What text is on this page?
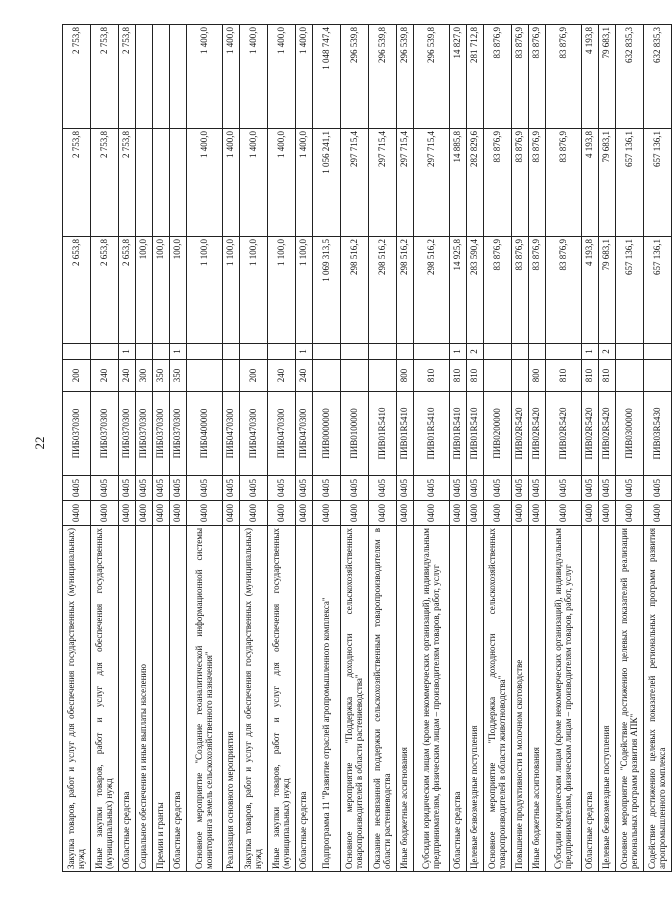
22
Закупка товаров, работ и услуг для обеспечения государственных (муниципальных) нужд	0400	0405	ПИБ0370300	200		2 653,8	2 753,8	2 753,8
Иные закупки товаров, работ и услуг для обеспечения государственных (муниципальных) нужд	0400	0405	ПИБ0370300	240		2 653,8	2 753,8	2 753,8
Областные средства	0400	0405	ПИБ0370300	240	1	2 653,8	2 753,8	2 753,8
Социальное обеспечение и иные выплаты населению	0400	0405	ПИБ0370300	300		100,0		
Премии и гранты	0400	0405	ПИБ0370300	350		100,0		
Областные средства	0400	0405	ПИБ0370300	350	1	100,0		
Основное мероприятие "Создание геоаналитической информационной системы мониторинга земель сельскохозяйственного назначения"	0400	0405	ПИБ0400000			1 100,0	1 400,0	1 400,0
Реализация основного мероприятия	0400	0405	ПИБ0470300			1 100,0	1 400,0	1 400,0
Закупка товаров, работ и услуг для обеспечения государственных (муниципальных) нужд	0400	0405	ПИБ0470300	200		1 100,0	1 400,0	1 400,0
Иные закупки товаров, работ и услуг для обеспечения государственных (муниципальных) нужд	0400	0405	ПИБ0470300	240		1 100,0	1 400,0	1 400,0
Областные средства	0400	0405	ПИБ0470300	240	1	1 100,0	1 400,0	1 400,0
Подпрограмма 11 "Развитие отраслей агропромышленного комплекса"	0400	0405	ПИВ0000000			1 069 313,5	1 056 241,1	1 048 747,4
Основное мероприятие "Поддержка доходности сельскохозяйственных товаропроизводителей в области растениеводства"	0400	0405	ПИВ0100000			298 516,2	297 715,4	296 539,8
Оказание несвязанной поддержки сельскохозяйственным товаропроизводителям в области растениеводства	0400	0405	ПИВ01R5410			298 516,2	297 715,4	296 539,8
Иные бюджетные ассигнования	0400	0405	ПИВ01R5410	800		298 516,2	297 715,4	296 539,8
Субсидии юридическим лицам (кроме некоммерческих организаций), индивидуальным предпринимателям, физическим лицам – производителям товаров, работ, услуг	0400	0405	ПИВ01R5410	810		298 516,2	297 715,4	296 539,8
Областные средства	0400	0405	ПИВ01R5410	810	1	14 925,8	14 885,8	14 827,0
Целевые безвозмездные поступления	0400	0405	ПИВ01R5410	810	2	283 590,4	282 829,6	281 712,8
Основное мероприятие "Поддержка доходности сельскохозяйственных товаропроизводителей в области животноводства"	0400	0405	ПИВ0200000			83 876,9	83 876,9	83 876,9
Повышение продуктивности в молочном скотоводстве	0400	0405	ПИВ02R5420			83 876,9	83 876,9	83 876,9
Иные бюджетные ассигнования	0400	0405	ПИВ02R5420	800		83 876,9	83 876,9	83 876,9
Субсидии юридическим лицам (кроме некоммерческих организаций), индивидуальным предпринимателям, физическим лицам – производителям товаров, работ, услуг	0400	0405	ПИВ02R5420	810		83 876,9	83 876,9	83 876,9
Областные средства	0400	0405	ПИВ02R5420	810	1	4 193,8	4 193,8	4 193,8
Целевые безвозмездные поступления	0400	0405	ПИВ02R5420	810	2	79 683,1	79 683,1	79 683,1
Основное мероприятие "Содействие достижению целевых показателей реализации региональных программ развития АПК"	0400	0405	ПИВ0300000			657 136,1	657 136,1	632 835,3
Содействие достижению целевых показателей региональных программ развития агропромышленного комплекса	0400	0405	ПИВ03R5430			657 136,1	657 136,1	632 835,3
